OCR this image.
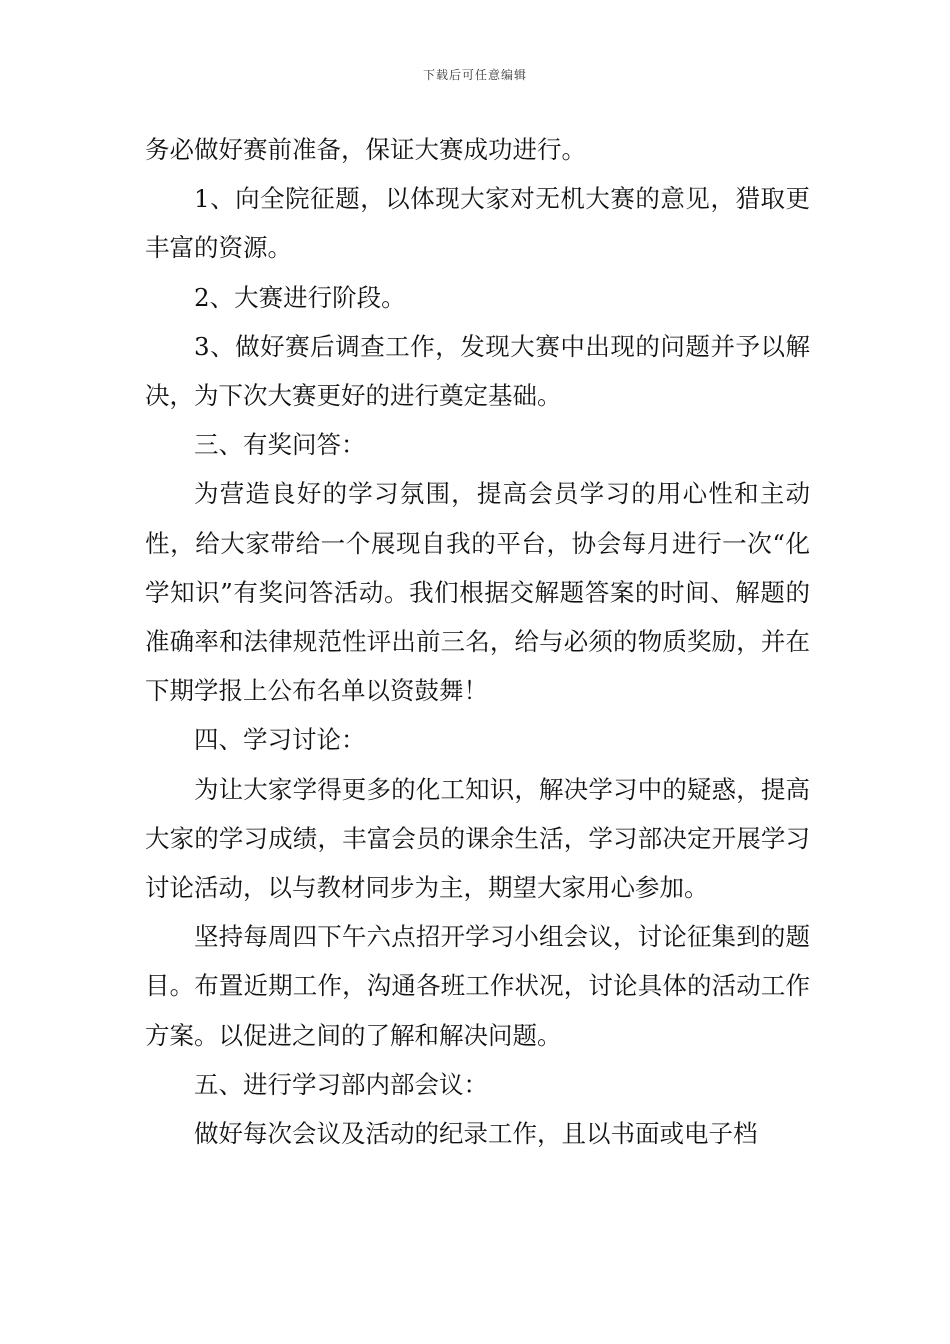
下载后可任意编辑

务必做好赛前准备，保证大赛成功进行。

1、向全院征题，以体现大家对无机大赛的意见，猎取更丰富的资源。

2、大赛进行阶段。

3、做好赛后调查工作，发现大赛中出现的问题并予以解决，为下次大赛更好的进行奠定基础。

三、有奖问答：

为营造良好的学习氛围，提高会员学习的用心性和主动性，给大家带给一个展现自我的平台，协会每月进行一次“化学知识”有奖问答活动。我们根据交解题答案的时间、解题的准确率和法律规范性评出前三名，给与必须的物质奖励，并在下期学报上公布名单以资鼓舞！

四、学习讨论：

为让大家学得更多的化工知识，解决学习中的疑惑，提高大家的学习成绩，丰富会员的课余生活，学习部决定开展学习讨论活动，以与教材同步为主，期望大家用心参加。

坚持每周四下午六点招开学习小组会议，讨论征集到的题目。布置近期工作，沟通各班工作状况，讨论具体的活动工作方案。以促进之间的了解和解决问题。

五、进行学习部内部会议：

做好每次会议及活动的纪录工作，且以书面或电子档
